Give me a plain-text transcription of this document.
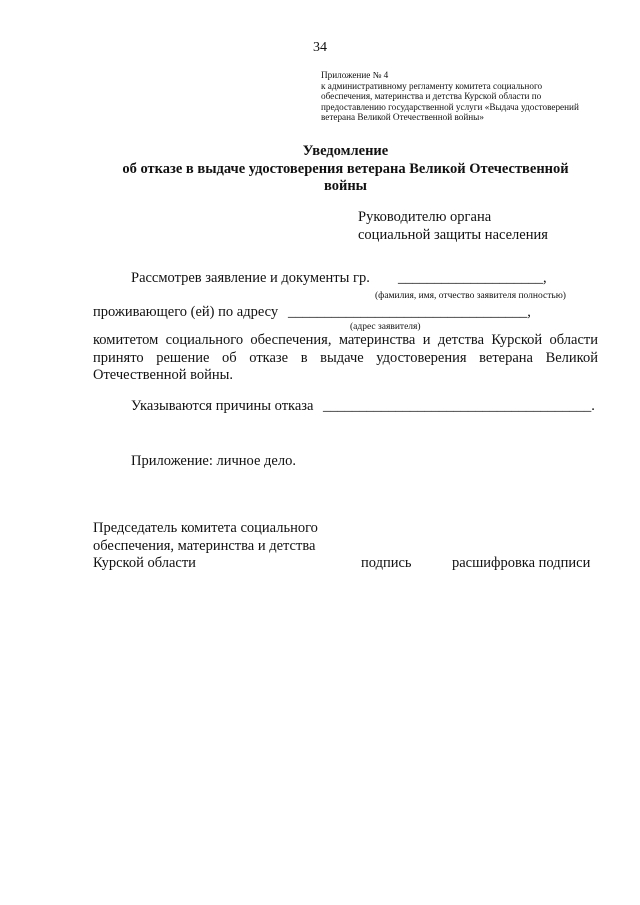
34
Приложение № 4
к административному регламенту комитета социального
обеспечения, материнства и детства Курской области по
предоставлению государственной услуги «Выдача удостоверений
ветерана Великой Отечественной войны»
Уведомление
об отказе в выдаче удостоверения ветерана Великой Отечественной
войны
Руководителю органа
социальной защиты населения
Рассмотрев заявление и документы гр. ____________________,
(фамилия, имя, отчество заявителя полностью)
проживающего (ей) по адресу _________________________________,
(адрес заявителя)
комитетом социального обеспечения, материнства и детства Курской области принято решение об отказе в выдаче удостоверения ветерана Великой Отечественной войны.
Указываются причины отказа _____________________________________.
Приложение: личное дело.
Председатель комитета социального
обеспечения, материнства и детства
Курской области	подпись	расшифровка подписи
